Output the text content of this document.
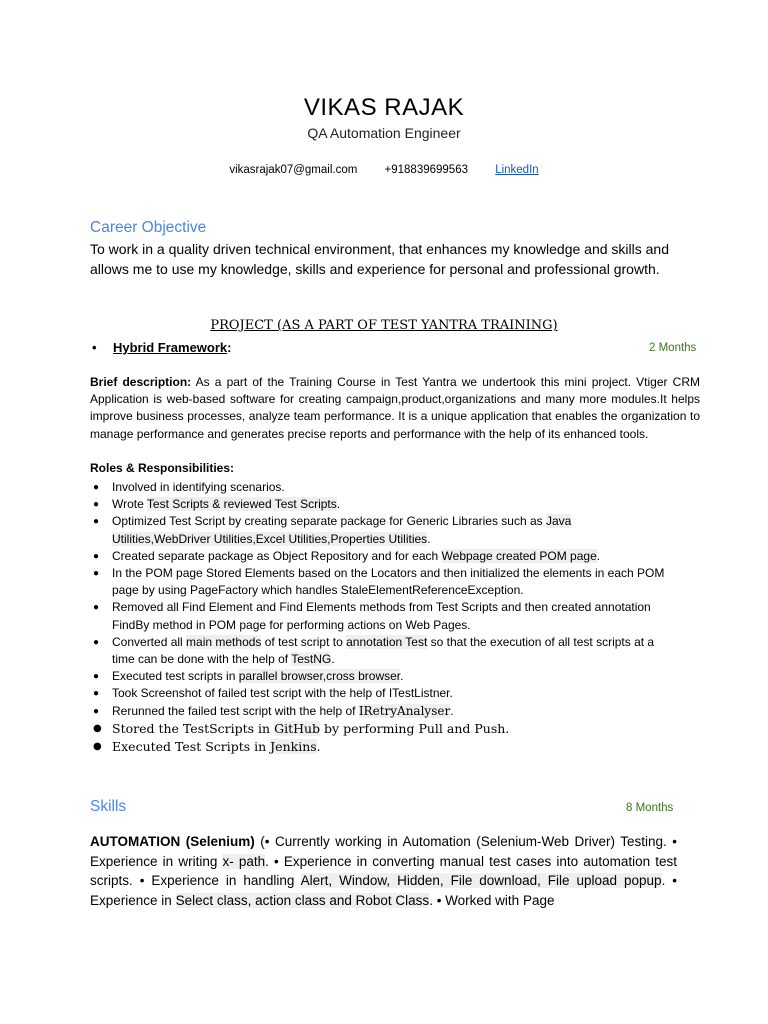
VIKAS RAJAK
QA Automation Engineer
vikasrajak07@gmail.com +918839699563 LinkedIn
Career Objective
To work in a quality driven technical environment, that enhances my knowledge and skills and allows me to use my knowledge, skills and experience for personal and professional growth.
PROJECT (AS A PART OF TEST YANTRA TRAINING)
• Hybrid Framework:	2 Months
Brief description: As a part of the Training Course in Test Yantra we undertook this mini project. Vtiger CRM Application is web-based software for creating campaign,product,organizations and many more modules.It helps improve business processes, analyze team performance. It is a unique application that enables the organization to manage performance and generates precise reports and performance with the help of its enhanced tools.
Roles & Responsibilities:
● Involved in identifying scenarios.
● Wrote Test Scripts & reviewed Test Scripts.
● Optimized Test Script by creating separate package for Generic Libraries such as Java Utilities,WebDriver Utilities,Excel Utilities,Properties Utilities.
● Created separate package as Object Repository and for each Webpage created POM page.
● In the POM page Stored Elements based on the Locators and then initialized the elements in each POM page by using PageFactory which handles StaleElementReferenceException.
● Removed all Find Element and Find Elements methods from Test Scripts and then created annotation FindBy method in POM page for performing actions on Web Pages.
● Converted all main methods of test script to annotation Test so that the execution of all test scripts at a time can be done with the help of TestNG.
● Executed test scripts in parallel browser,cross browser.
● Took Screenshot of failed test script with the help of ITestListner.
● Rerunned the failed test script with the help of IRetryAnalyser.
● Stored the TestScripts in GitHub by performing Pull and Push.
● Executed Test Scripts in Jenkins.
Skills	8 Months
AUTOMATION (Selenium) (• Currently working in Automation (Selenium-Web Driver) Testing. • Experience in writing x- path. • Experience in converting manual test cases into automation test scripts. • Experience in handling Alert, Window, Hidden, File download, File upload popup. • Experience in Select class, action class and Robot Class. • Worked with Page
